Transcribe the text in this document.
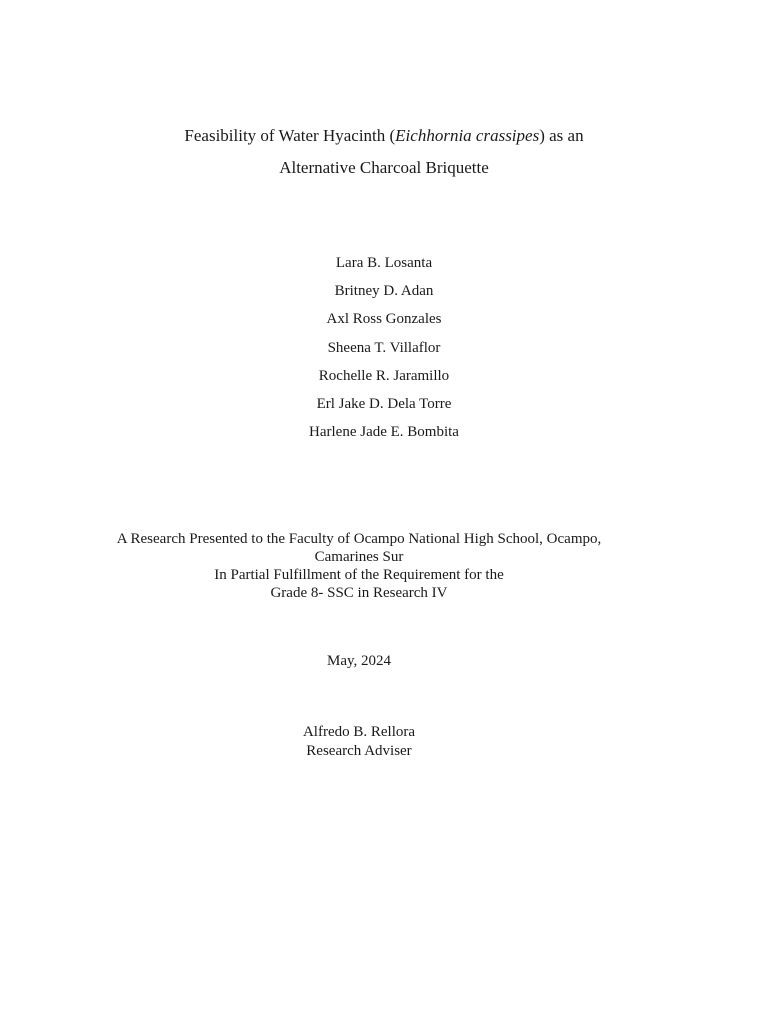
Feasibility of Water Hyacinth (Eichhornia crassipes) as an
Alternative Charcoal Briquette
Lara B. Losanta
Britney D. Adan
Axl Ross Gonzales
Sheena T. Villaflor
Rochelle R. Jaramillo
Erl Jake D. Dela Torre
Harlene Jade E. Bombita
A Research Presented to the Faculty of Ocampo National High School, Ocampo,
Camarines Sur
In Partial Fulfillment of the Requirement for the
Grade 8- SSC in Research IV
May, 2024
Alfredo B. Rellora
Research Adviser
